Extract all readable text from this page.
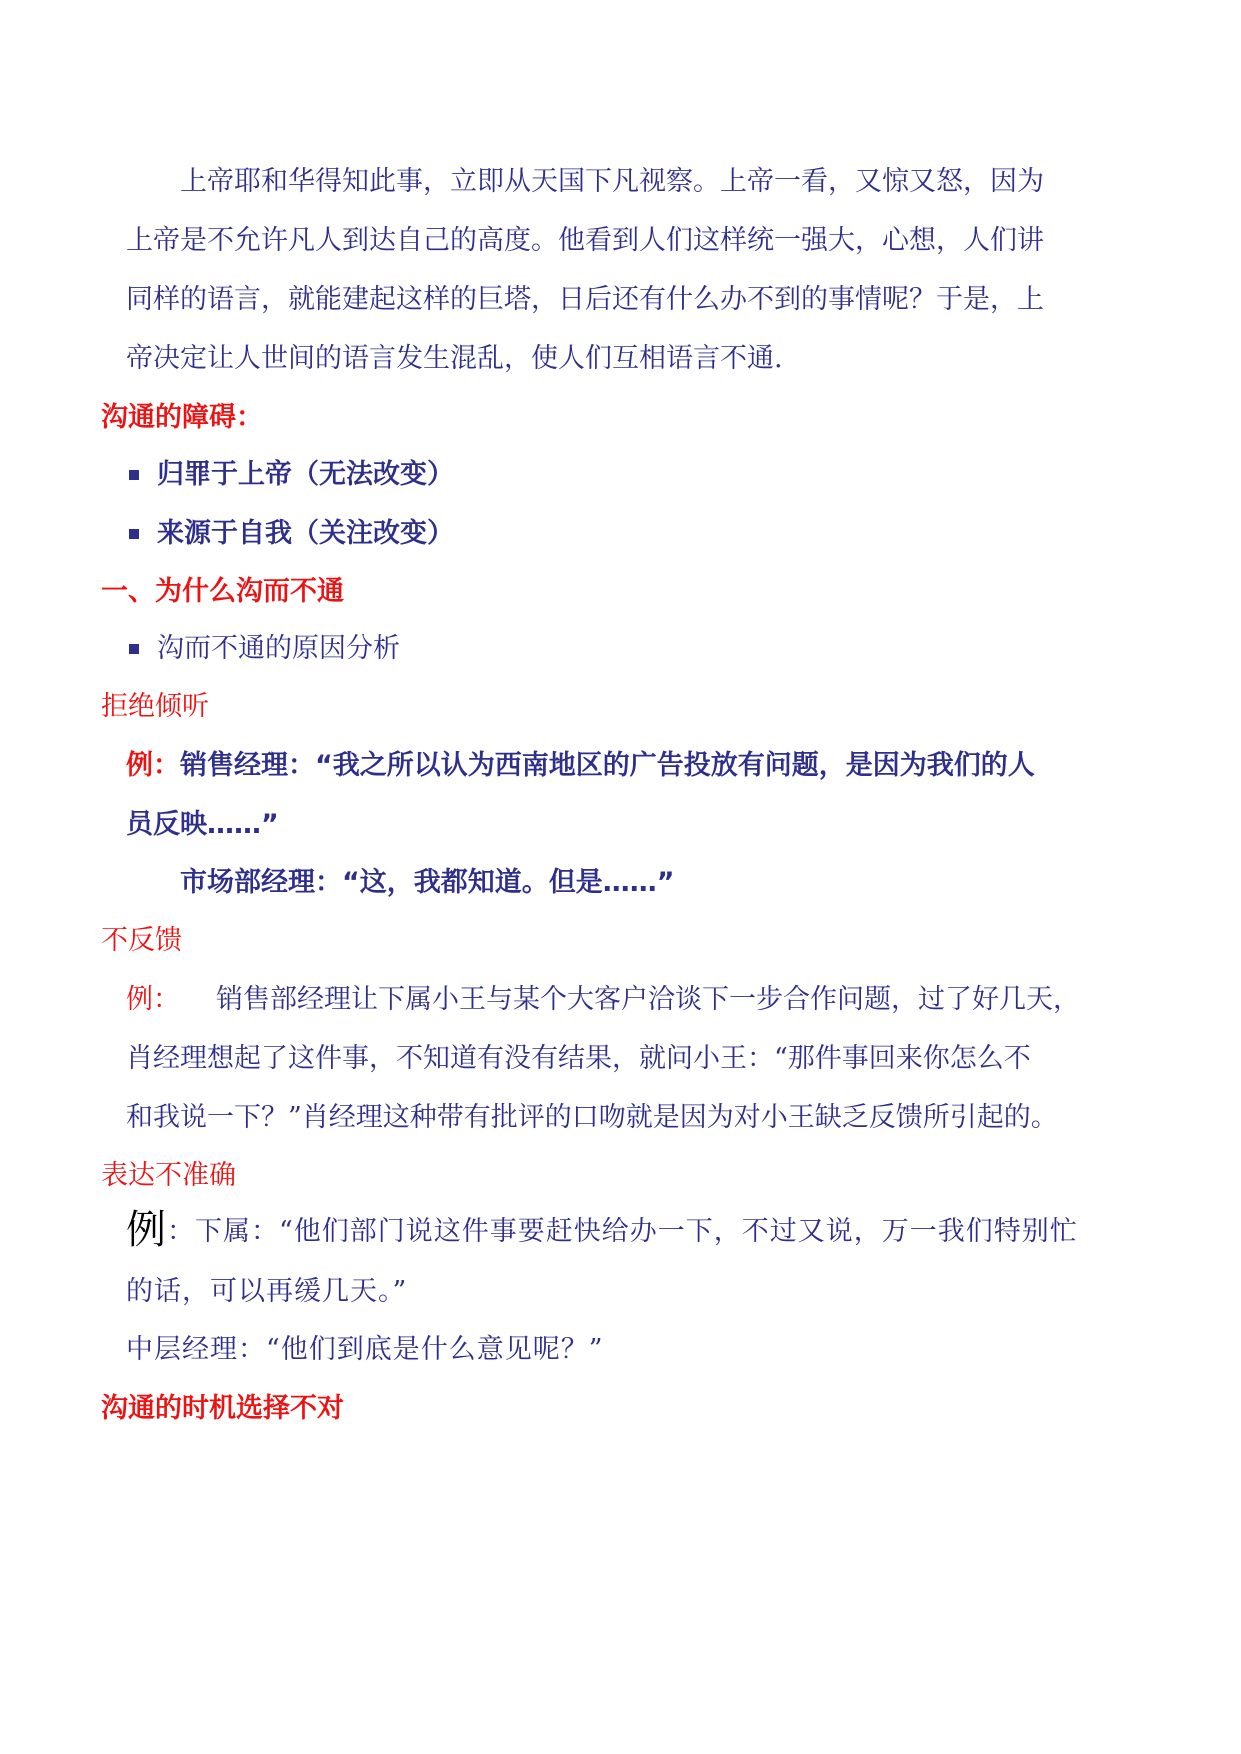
上帝耶和华得知此事，立即从天国下凡视察。上帝一看，又惊又怒，因为
上帝是不允许凡人到达自己的高度。他看到人们这样统一强大，心想，人们讲
同样的语言，就能建起这样的巨塔，日后还有什么办不到的事情呢？于是，上
帝决定让人世间的语言发生混乱，使人们互相语言不通.
沟通的障碍：
归罪于上帝（无法改变）
来源于自我（关注改变）
一、为什么沟而不通
沟而不通的原因分析
拒绝倾听
例：销售经理：“我之所以认为西南地区的广告投放有问题，是因为我们的人
员反映……”
市场部经理：“这，我都知道。但是……”
不反馈
例： 销售部经理让下属小王与某个大客户洽谈下一步合作问题，过了好几天，
肖经理想起了这件事，不知道有没有结果，就问小王：“那件事回来你怎么不
和我说一下？”肖经理这种带有批评的口吻就是因为对小王缺乏反馈所引起的。
表达不准确
例：下属：“他们部门说这件事要赶快给办一下，不过又说，万一我们特别忙
的话，可以再缓几天。”
中层经理：“他们到底是什么意见呢？”
沟通的时机选择不对
